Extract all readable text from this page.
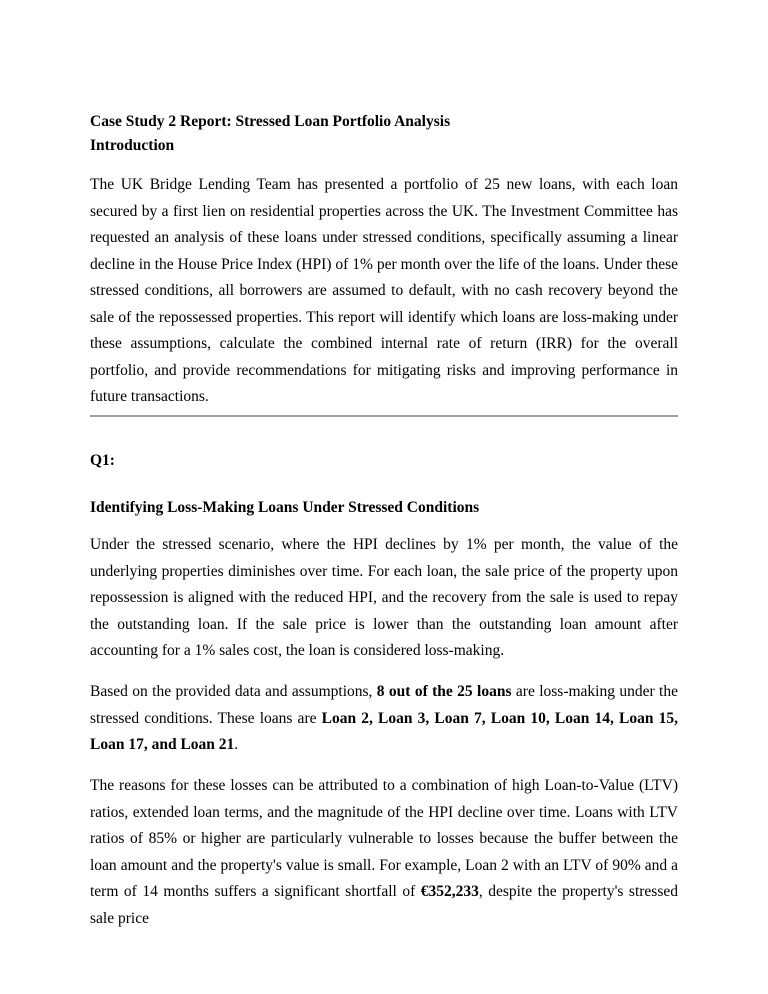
Case Study 2 Report: Stressed Loan Portfolio Analysis
Introduction

The UK Bridge Lending Team has presented a portfolio of 25 new loans, with each loan secured by a first lien on residential properties across the UK. The Investment Committee has requested an analysis of these loans under stressed conditions, specifically assuming a linear decline in the House Price Index (HPI) of 1% per month over the life of the loans. Under these stressed conditions, all borrowers are assumed to default, with no cash recovery beyond the sale of the repossessed properties. This report will identify which loans are loss-making under these assumptions, calculate the combined internal rate of return (IRR) for the overall portfolio, and provide recommendations for mitigating risks and improving performance in future transactions.

Q1:
Identifying Loss-Making Loans Under Stressed Conditions

Under the stressed scenario, where the HPI declines by 1% per month, the value of the underlying properties diminishes over time. For each loan, the sale price of the property upon repossession is aligned with the reduced HPI, and the recovery from the sale is used to repay the outstanding loan. If the sale price is lower than the outstanding loan amount after accounting for a 1% sales cost, the loan is considered loss-making.

Based on the provided data and assumptions, 8 out of the 25 loans are loss-making under the stressed conditions. These loans are Loan 2, Loan 3, Loan 7, Loan 10, Loan 14, Loan 15, Loan 17, and Loan 21.

The reasons for these losses can be attributed to a combination of high Loan-to-Value (LTV) ratios, extended loan terms, and the magnitude of the HPI decline over time. Loans with LTV ratios of 85% or higher are particularly vulnerable to losses because the buffer between the loan amount and the property's value is small. For example, Loan 2 with an LTV of 90% and a term of 14 months suffers a significant shortfall of €352,233, despite the property's stressed sale price
